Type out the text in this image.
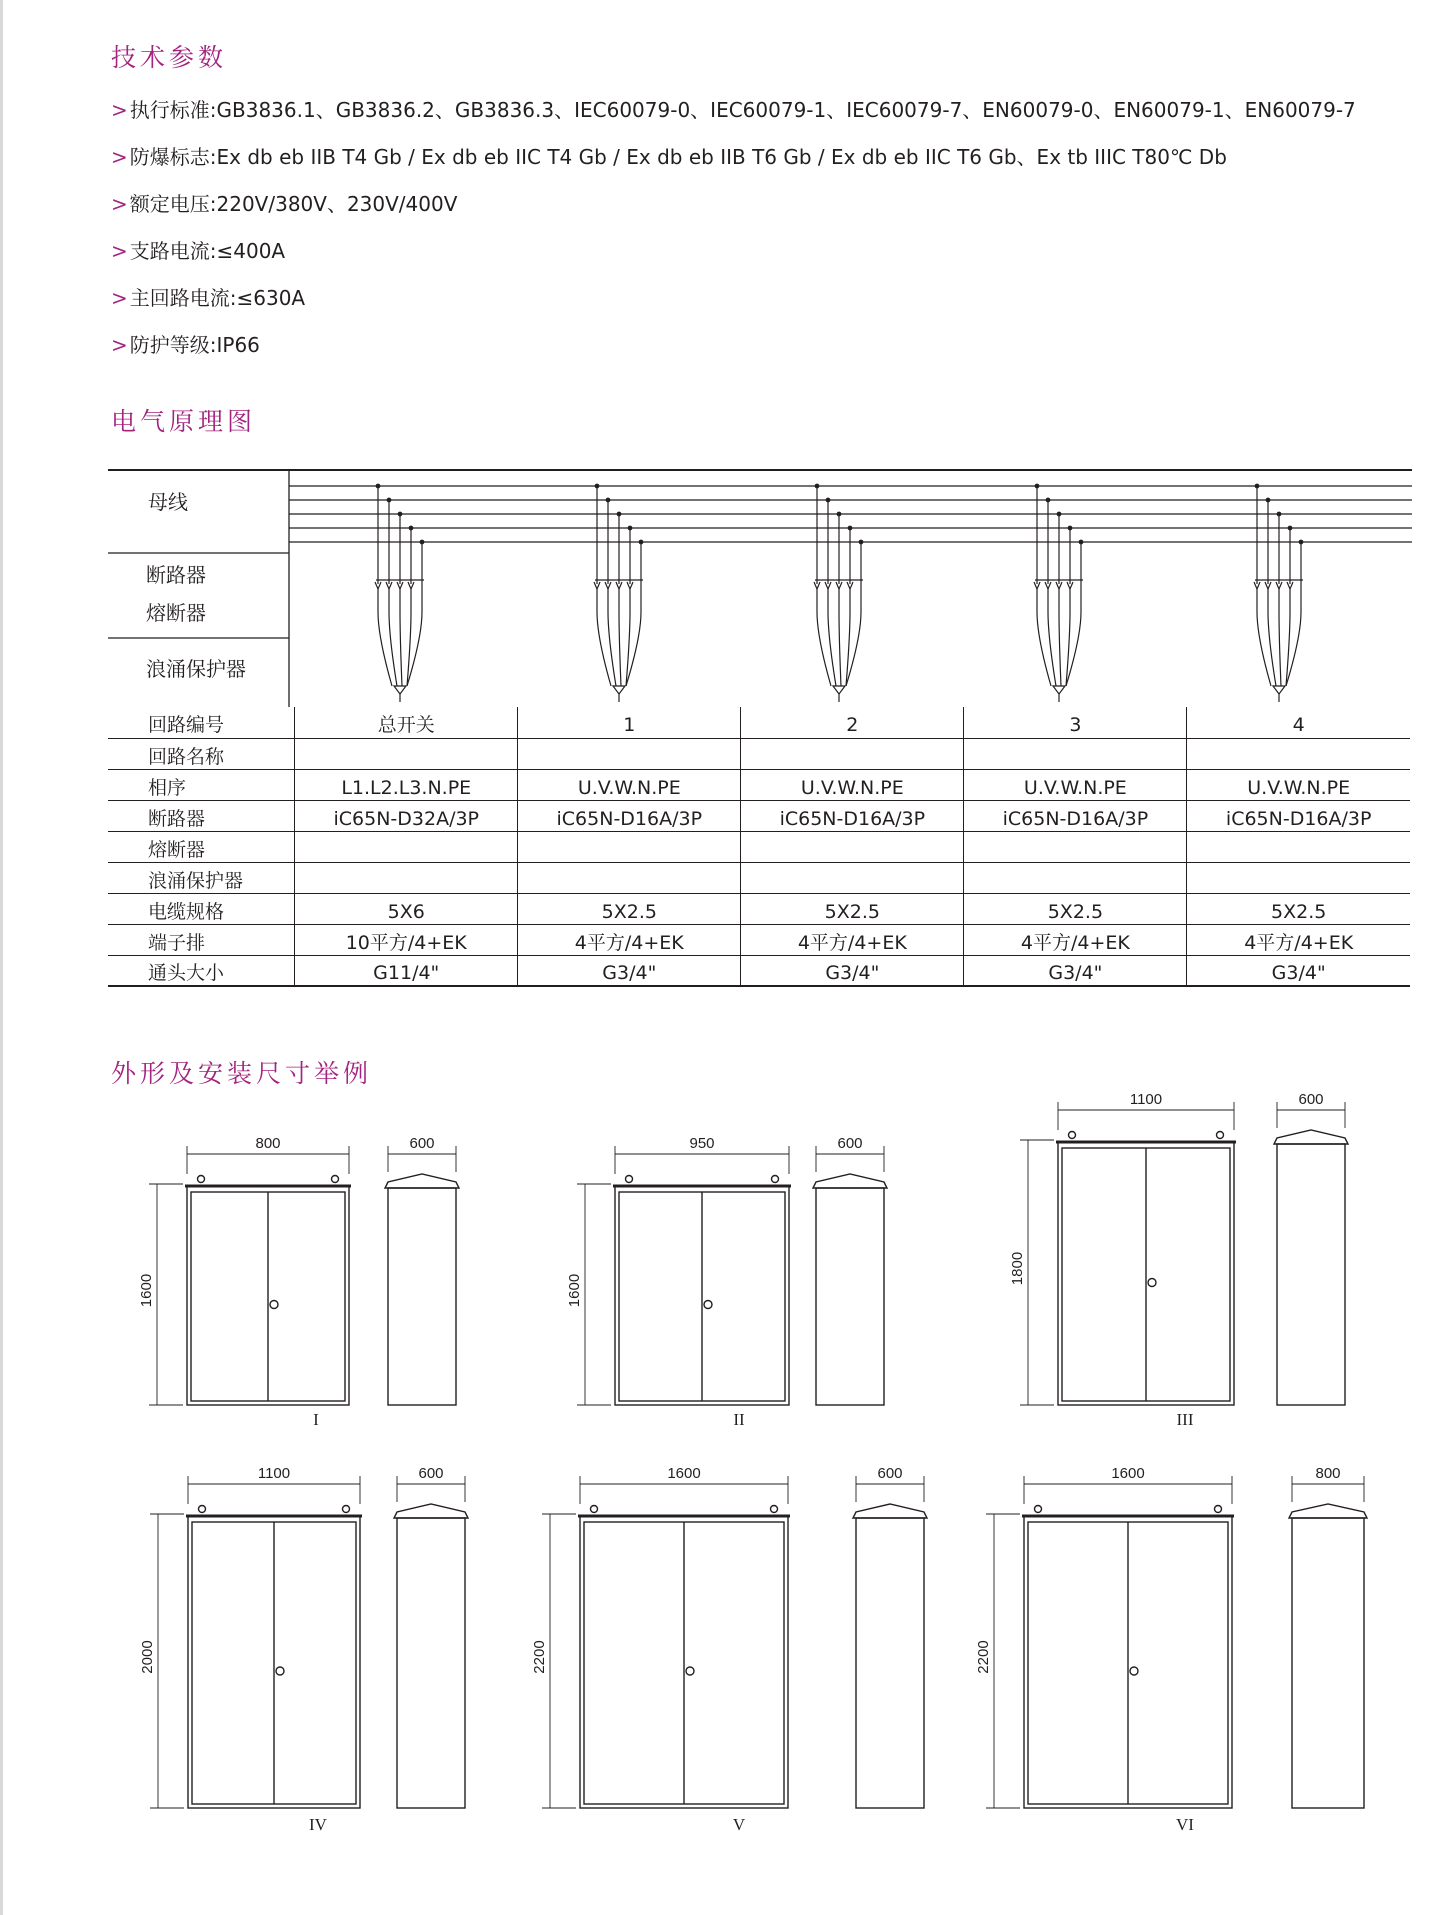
技术参数
> 执行标准:GB3836.1、GB3836.2、GB3836.3、IEC60079-0、IEC60079-1、IEC60079-7、EN60079-0、EN60079-1、EN60079-7
> 防爆标志:Ex db eb IIB T4 Gb / Ex db eb IIC T4 Gb / Ex db eb IIB T6 Gb / Ex db eb IIC T6 Gb、Ex tb IIIC T80℃ Db
> 额定电压:220V/380V、230V/400V
> 支路电流:≤400A
> 主回路电流:≤630A
> 防护等级:IP66
电气原理图
母线
断路器
熔断器
浪涌保护器
回路编号	总开关	1	2	3	4
回路名称					
相序	L1.L2.L3.N.PE	U.V.W.N.PE	U.V.W.N.PE	U.V.W.N.PE	U.V.W.N.PE
断路器	iC65N-D32A/3P	iC65N-D16A/3P	iC65N-D16A/3P	iC65N-D16A/3P	iC65N-D16A/3P
熔断器					
浪涌保护器					
电缆规格	5X6	5X2.5	5X2.5	5X2.5	5X2.5
端子排	10平方/4+EK	4平方/4+EK	4平方/4+EK	4平方/4+EK	4平方/4+EK
通头大小	G11/4"	G3/4"	G3/4"	G3/4"	G3/4"
外形及安装尺寸举例
800	600
1600
I
950	600
1600
II
1100	600
1800
III
1100	600
2000
IV
1600	600
2200
V
1600	800
2200
VI
